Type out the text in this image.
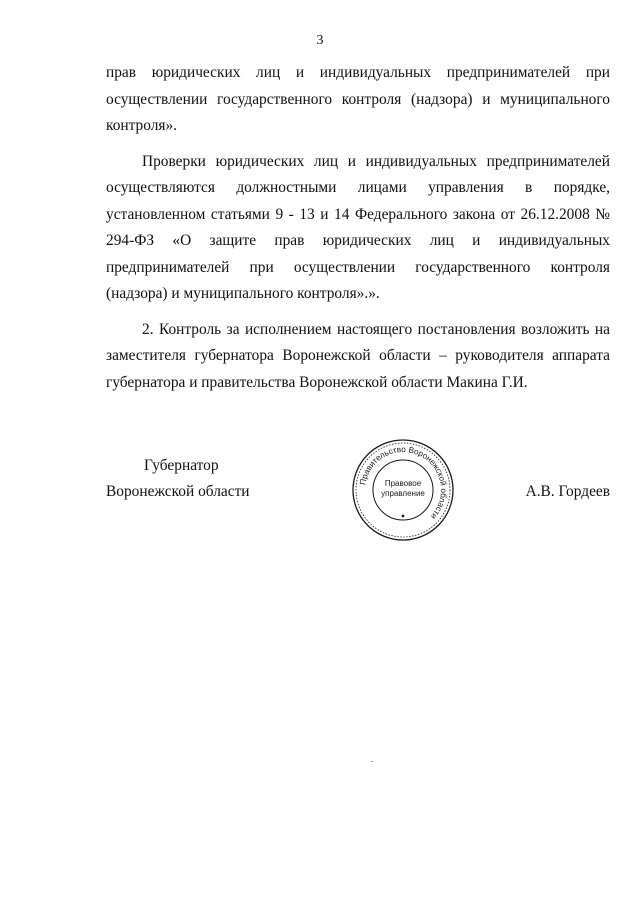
3

прав юридических лиц и индивидуальных предпринимателей при осуществлении государственного контроля (надзора) и муниципального контроля».

Проверки юридических лиц и индивидуальных предпринимателей осуществляются должностными лицами управления в порядке, установленном статьями 9 - 13 и 14 Федерального закона от 26.12.2008 № 294-ФЗ «О защите прав юридических лиц и индивидуальных предпринимателей при осуществлении государственного контроля (надзора) и муниципального контроля».».

2. Контроль за исполнением настоящего постановления возложить на заместителя губернатора Воронежской области – руководителя аппарата губернатора и правительства Воронежской области Макина Г.И.

Губернатор
Воронежской области
Правительство Воронежской области
Правовое
управление	А.В. Гордеев
